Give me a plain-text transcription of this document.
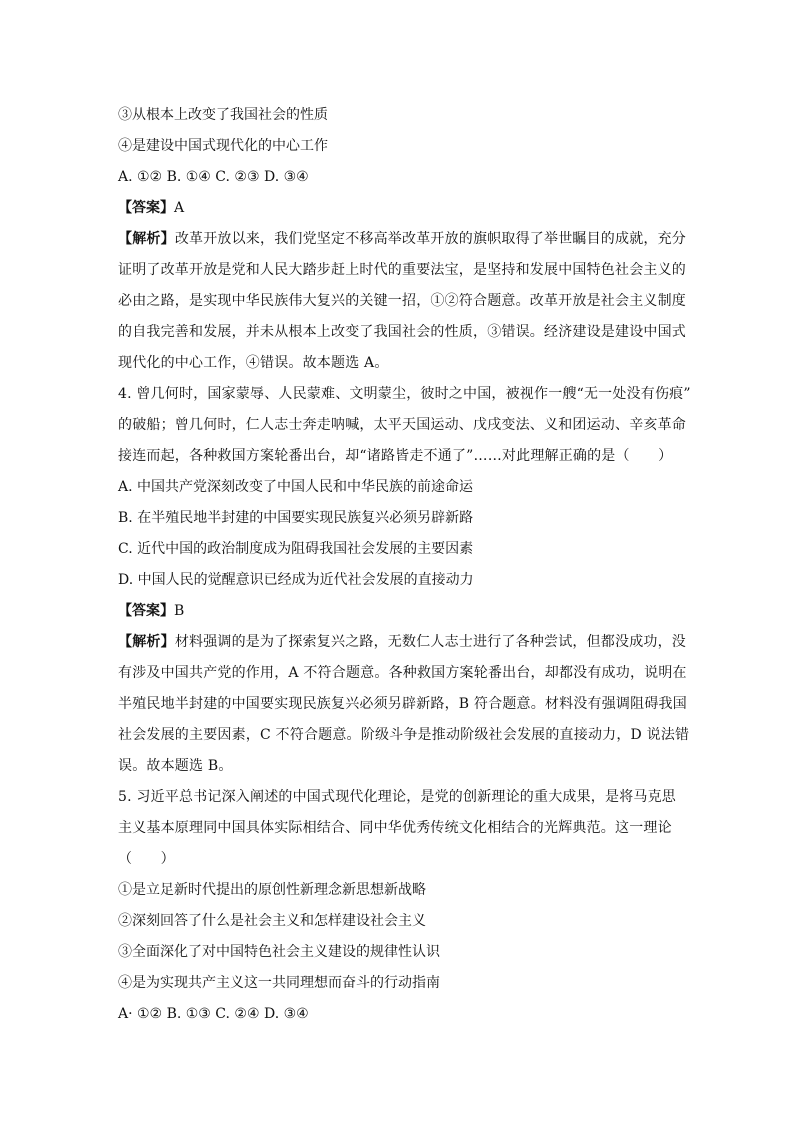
③从根本上改变了我国社会的性质
④是建设中国式现代化的中心工作
A. ①② B. ①④ C. ②③ D. ③④
【答案】A
【解析】改革开放以来，我们党坚定不移高举改革开放的旗帜取得了举世瞩目的成就，充分
证明了改革开放是党和人民大踏步赶上时代的重要法宝，是坚持和发展中国特色社会主义的
必由之路，是实现中华民族伟大复兴的关键一招，①②符合题意。改革开放是社会主义制度
的自我完善和发展，并未从根本上改变了我国社会的性质，③错误。经济建设是建设中国式
现代化的中心工作，④错误。故本题选 A。
4. 曾几何时，国家蒙辱、人民蒙难、文明蒙尘，彼时之中国，被视作一艘“无一处没有伤痕”
的破船；曾几何时，仁人志士奔走呐喊，太平天国运动、戊戌变法、义和团运动、辛亥革命
接连而起，各种救国方案轮番出台，却“诸路皆走不通了”……对此理解正确的是（　　）
A. 中国共产党深刻改变了中国人民和中华民族的前途命运
B. 在半殖民地半封建的中国要实现民族复兴必须另辟新路
C. 近代中国的政治制度成为阻碍我国社会发展的主要因素
D. 中国人民的觉醒意识已经成为近代社会发展的直接动力
【答案】B
【解析】材料强调的是为了探索复兴之路，无数仁人志士进行了各种尝试，但都没成功，没
有涉及中国共产党的作用，A 不符合题意。各种救国方案轮番出台，却都没有成功，说明在
半殖民地半封建的中国要实现民族复兴必须另辟新路，B 符合题意。材料没有强调阻碍我国
社会发展的主要因素，C 不符合题意。阶级斗争是推动阶级社会发展的直接动力，D 说法错
误。故本题选 B。
5. 习近平总书记深入阐述的中国式现代化理论，是党的创新理论的重大成果，是将马克思
主义基本原理同中国具体实际相结合、同中华优秀传统文化相结合的光辉典范。这一理论
（　　）
①是立足新时代提出的原创性新理念新思想新战略
②深刻回答了什么是社会主义和怎样建设社会主义
③全面深化了对中国特色社会主义建设的规律性认识
④是为实现共产主义这一共同理想而奋斗的行动指南
A· ①② B. ①③ C. ②④ D. ③④
